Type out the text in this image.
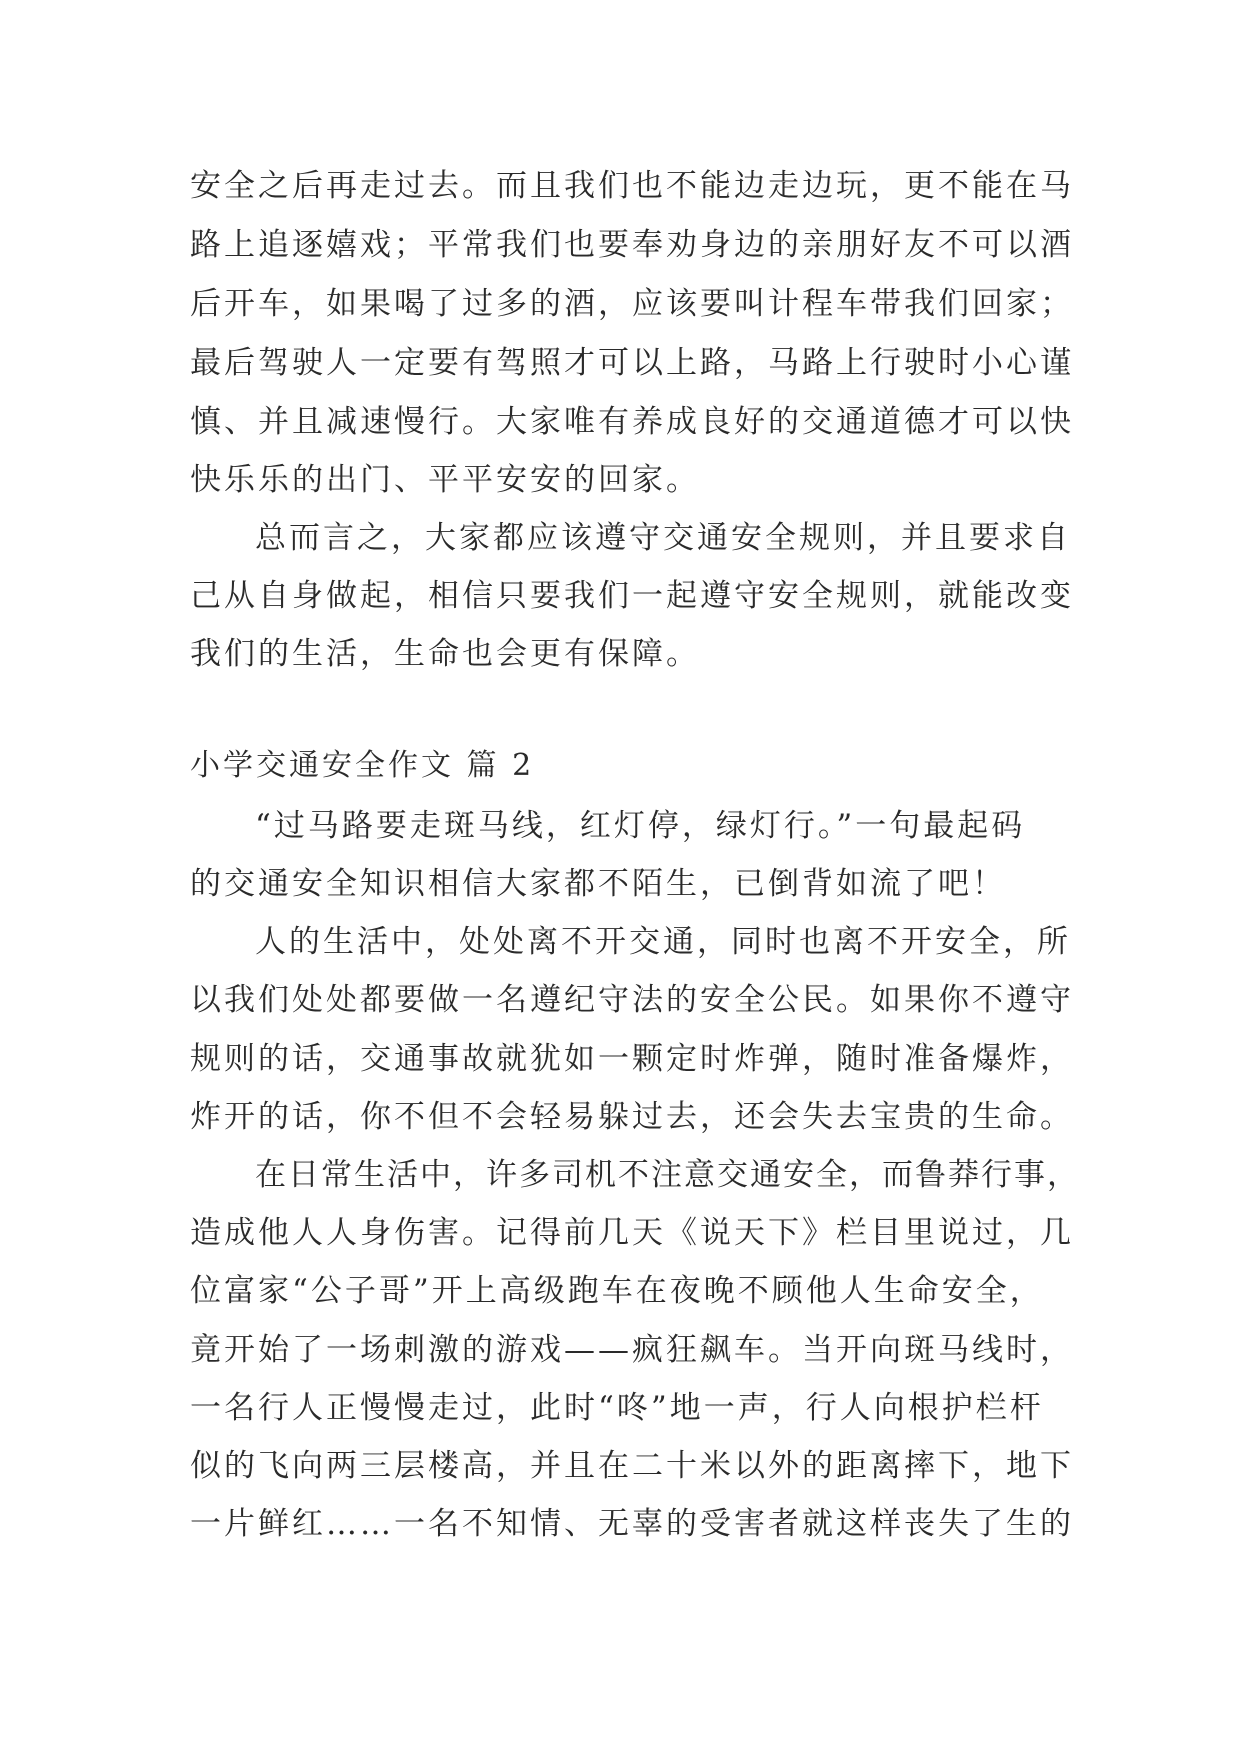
安全之后再走过去。而且我们也不能边走边玩，更不能在马
路上追逐嬉戏；平常我们也要奉劝身边的亲朋好友不可以酒
后开车，如果喝了过多的酒，应该要叫计程车带我们回家；
最后驾驶人一定要有驾照才可以上路，马路上行驶时小心谨
慎、并且减速慢行。大家唯有养成良好的交通道德才可以快
快乐乐的出门、平平安安的回家。
总而言之，大家都应该遵守交通安全规则，并且要求自
己从自身做起，相信只要我们一起遵守安全规则，就能改变
我们的生活，生命也会更有保障。
小学交通安全作文 篇 2
“过马路要走斑马线，红灯停，绿灯行。”一句最起码
的交通安全知识相信大家都不陌生，已倒背如流了吧！
人的生活中，处处离不开交通，同时也离不开安全，所
以我们处处都要做一名遵纪守法的安全公民。如果你不遵守
规则的话，交通事故就犹如一颗定时炸弹，随时准备爆炸，
炸开的话，你不但不会轻易躲过去，还会失去宝贵的生命。
在日常生活中，许多司机不注意交通安全，而鲁莽行事，
造成他人人身伤害。记得前几天《说天下》栏目里说过，几
位富家“公子哥”开上高级跑车在夜晚不顾他人生命安全，
竟开始了一场刺激的游戏——疯狂飙车。当开向斑马线时，
一名行人正慢慢走过，此时“咚”地一声，行人向根护栏杆
似的飞向两三层楼高，并且在二十米以外的距离摔下，地下
一片鲜红……一名不知情、无辜的受害者就这样丧失了生的
